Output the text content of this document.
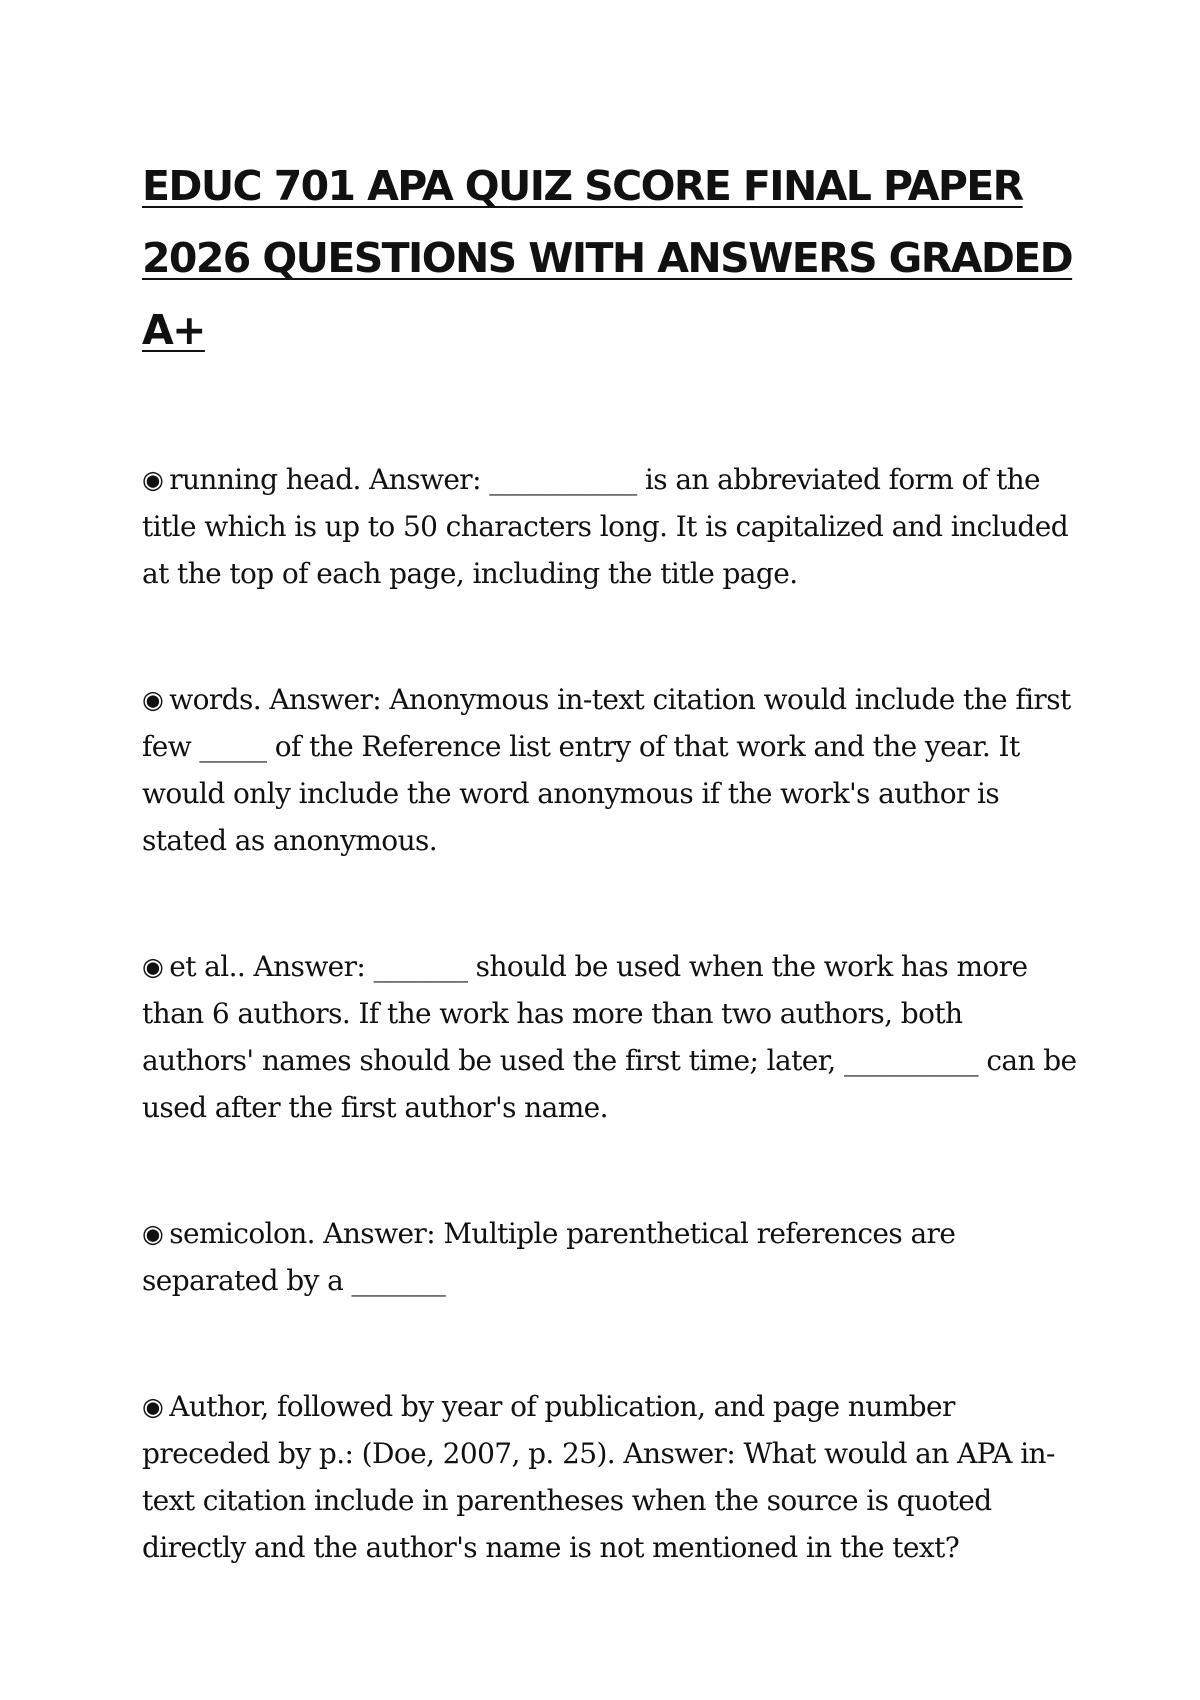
EDUC 701 APA QUIZ SCORE FINAL PAPER 2026 QUESTIONS WITH ANSWERS GRADED A+

◉ running head. Answer: ___________ is an abbreviated form of the title which is up to 50 characters long. It is capitalized and included at the top of each page, including the title page.

◉ words. Answer: Anonymous in-text citation would include the first few _____ of the Reference list entry of that work and the year. It would only include the word anonymous if the work's author is stated as anonymous.

◉ et al.. Answer: _______ should be used when the work has more than 6 authors. If the work has more than two authors, both authors' names should be used the first time; later, __________ can be used after the first author's name.

◉ semicolon. Answer: Multiple parenthetical references are separated by a _______

◉ Author, followed by year of publication, and page number preceded by p.: (Doe, 2007, p. 25). Answer: What would an APA in-text citation include in parentheses when the source is quoted directly and the author's name is not mentioned in the text?
